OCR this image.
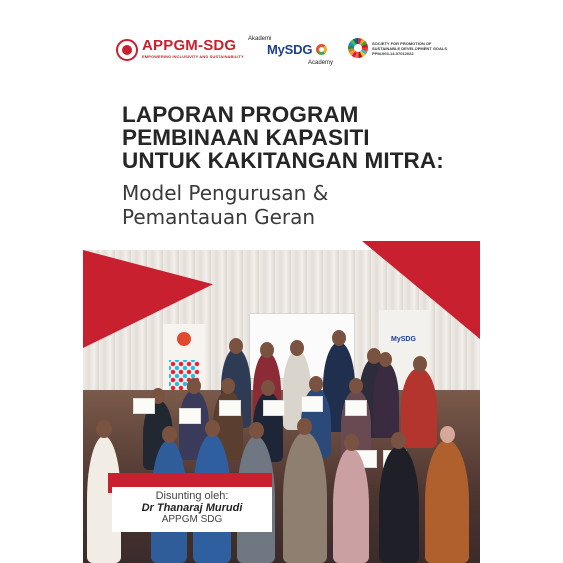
APPGM-SDG
EMPOWERING INCLUSIVITY AND SUSTAINABILITY
Akademi
MySDG
Academy
SOCIETY FOR PROMOTION OF
SUSTAINABLE DEVELOPMENT GOALS
PPM-003-14-07012022
LAPORAN PROGRAM
PEMBINAAN KAPASITI
UNTUK KAKITANGAN MITRA:
Model Pengurusan &
Pemantauan Geran
MySDG
Disunting oleh:
Dr Thanaraj Murudi
APPGM SDG
